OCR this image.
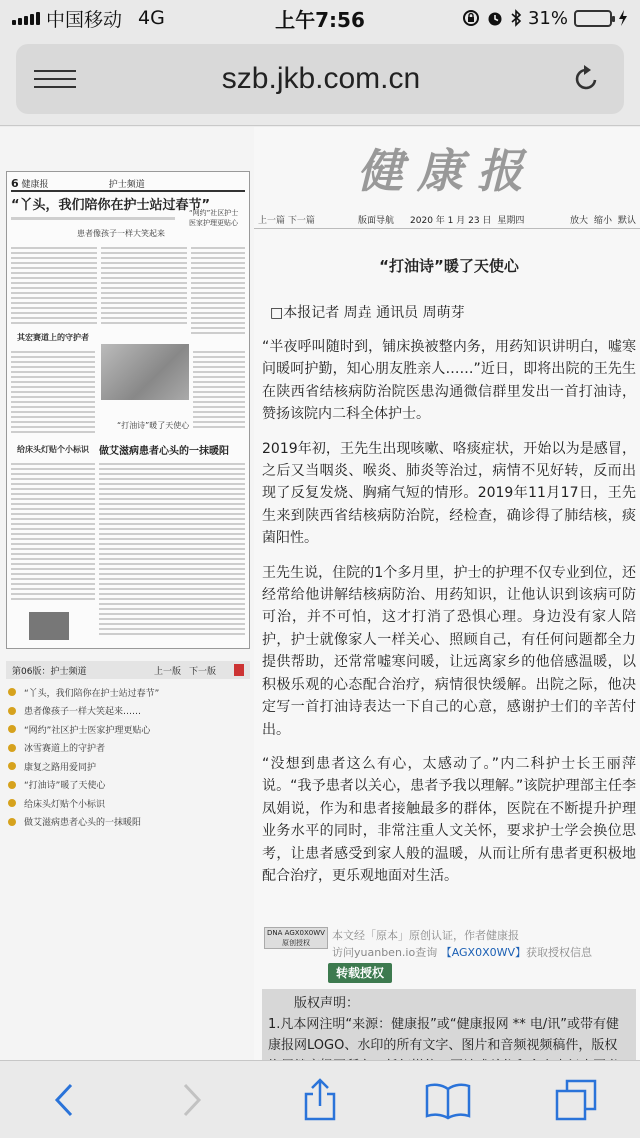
中国移动 4G	上午7:56	31%
szb.jkb.com.cn
6 健康报	护士频道
“丫头，我们陪你在护士站过春节”
患者像孩子一样大笑起来
“网约”社区护士 医家护理更贴心
其宏赛道上的守护者
“打油诗”暖了天使心
做艾滋病患者心头的一抹暖阳
给床头灯贴个小标识
第06版：护士频道	上一版 下一版
“丫头，我们陪你在护士站过春节”
患者像孩子一样大笑起来……
“网约”社区护士医家护理更贴心
冰雪赛道上的守护者
康复之路用爱同护
“打油诗”暖了天使心
给床头灯贴个小标识
做艾滋病患者心头的一抹暖阳
健康报
上一篇 下一篇	版面导航 2020 年 1 月 23 日 星期四	放大 缩小 默认
“打油诗”暖了天使心
□本报记者 周垚 通讯员 周萌芽

“半夜呼叫随时到，铺床换被整内务，用药知识讲明白，嘘寒问暖呵护勤，知心朋友胜亲人……”近日，即将出院的王先生在陕西省结核病防治院医患沟通微信群里发出一首打油诗，赞扬该院内二科全体护士。

2019年初，王先生出现咳嗽、咯痰症状，开始以为是感冒，之后又当咽炎、喉炎、肺炎等治过，病情不见好转，反而出现了反复发烧、胸痛气短的情形。2019年11月17日，王先生来到陕西省结核病防治院，经检查，确诊得了肺结核，痰菌阳性。

王先生说，住院的1个多月里，护士的护理不仅专业到位，还经常给他讲解结核病防治、用药知识，让他认识到该病可防可治，并不可怕，这才打消了恐惧心理。身边没有家人陪护，护士就像家人一样关心、照顾自己，有任何问题都全力提供帮助，还常常嘘寒问暖，让远离家乡的他倍感温暖，以积极乐观的心态配合治疗，病情很快缓解。出院之际，他决定写一首打油诗表达一下自己的心意，感谢护士们的辛苦付出。

“没想到患者这么有心，太感动了。”内二科护士长王丽萍说。“我予患者以关心，患者予我以理解。”该院护理部主任李凤娟说，作为和患者接触最多的群体，医院在不断提升护理业务水平的同时，非常注重人文关怀，要求护士学会换位思考，让患者感受到家人般的温暖，从而让所有患者更积极地配合治疗，更乐观地面对生活。

DNA AGX0X0WV
原创授权
本文经「原本」原创认证，作者健康报
访问yuanben.io查询 【AGX0X0WV】获取授权信息
转载授权
版权声明：
1.凡本网注明“来源：健康报”或“健康报网 ** 电/讯”或带有健康报网LOGO、水印的所有文字、图片和音频视频稿件，版权
